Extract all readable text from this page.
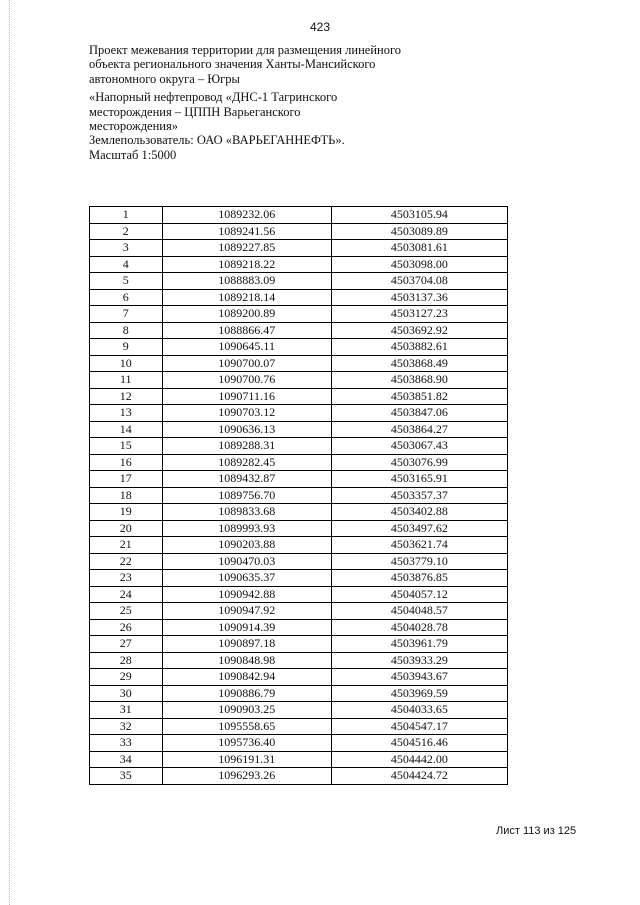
423
Проект межевания территории для размещения линейного
объекта регионального значения Ханты-Мансийского
автономного округа – Югры
«Напорный нефтепровод «ДНС-1 Тагринского
месторождения – ЦППН Варьеганского
месторождения»
Землепользователь: ОАО «ВАРЬЕГАННЕФТЬ».
Масштаб 1:5000
1	1089232.06	4503105.94
2	1089241.56	4503089.89
3	1089227.85	4503081.61
4	1089218.22	4503098.00
5	1088883.09	4503704.08
6	1089218.14	4503137.36
7	1089200.89	4503127.23
8	1088866.47	4503692.92
9	1090645.11	4503882.61
10	1090700.07	4503868.49
11	1090700.76	4503868.90
12	1090711.16	4503851.82
13	1090703.12	4503847.06
14	1090636.13	4503864.27
15	1089288.31	4503067.43
16	1089282.45	4503076.99
17	1089432.87	4503165.91
18	1089756.70	4503357.37
19	1089833.68	4503402.88
20	1089993.93	4503497.62
21	1090203.88	4503621.74
22	1090470.03	4503779.10
23	1090635.37	4503876.85
24	1090942.88	4504057.12
25	1090947.92	4504048.57
26	1090914.39	4504028.78
27	1090897.18	4503961.79
28	1090848.98	4503933.29
29	1090842.94	4503943.67
30	1090886.79	4503969.59
31	1090903.25	4504033.65
32	1095558.65	4504547.17
33	1095736.40	4504516.46
34	1096191.31	4504442.00
35	1096293.26	4504424.72
Лист 113 из 125
